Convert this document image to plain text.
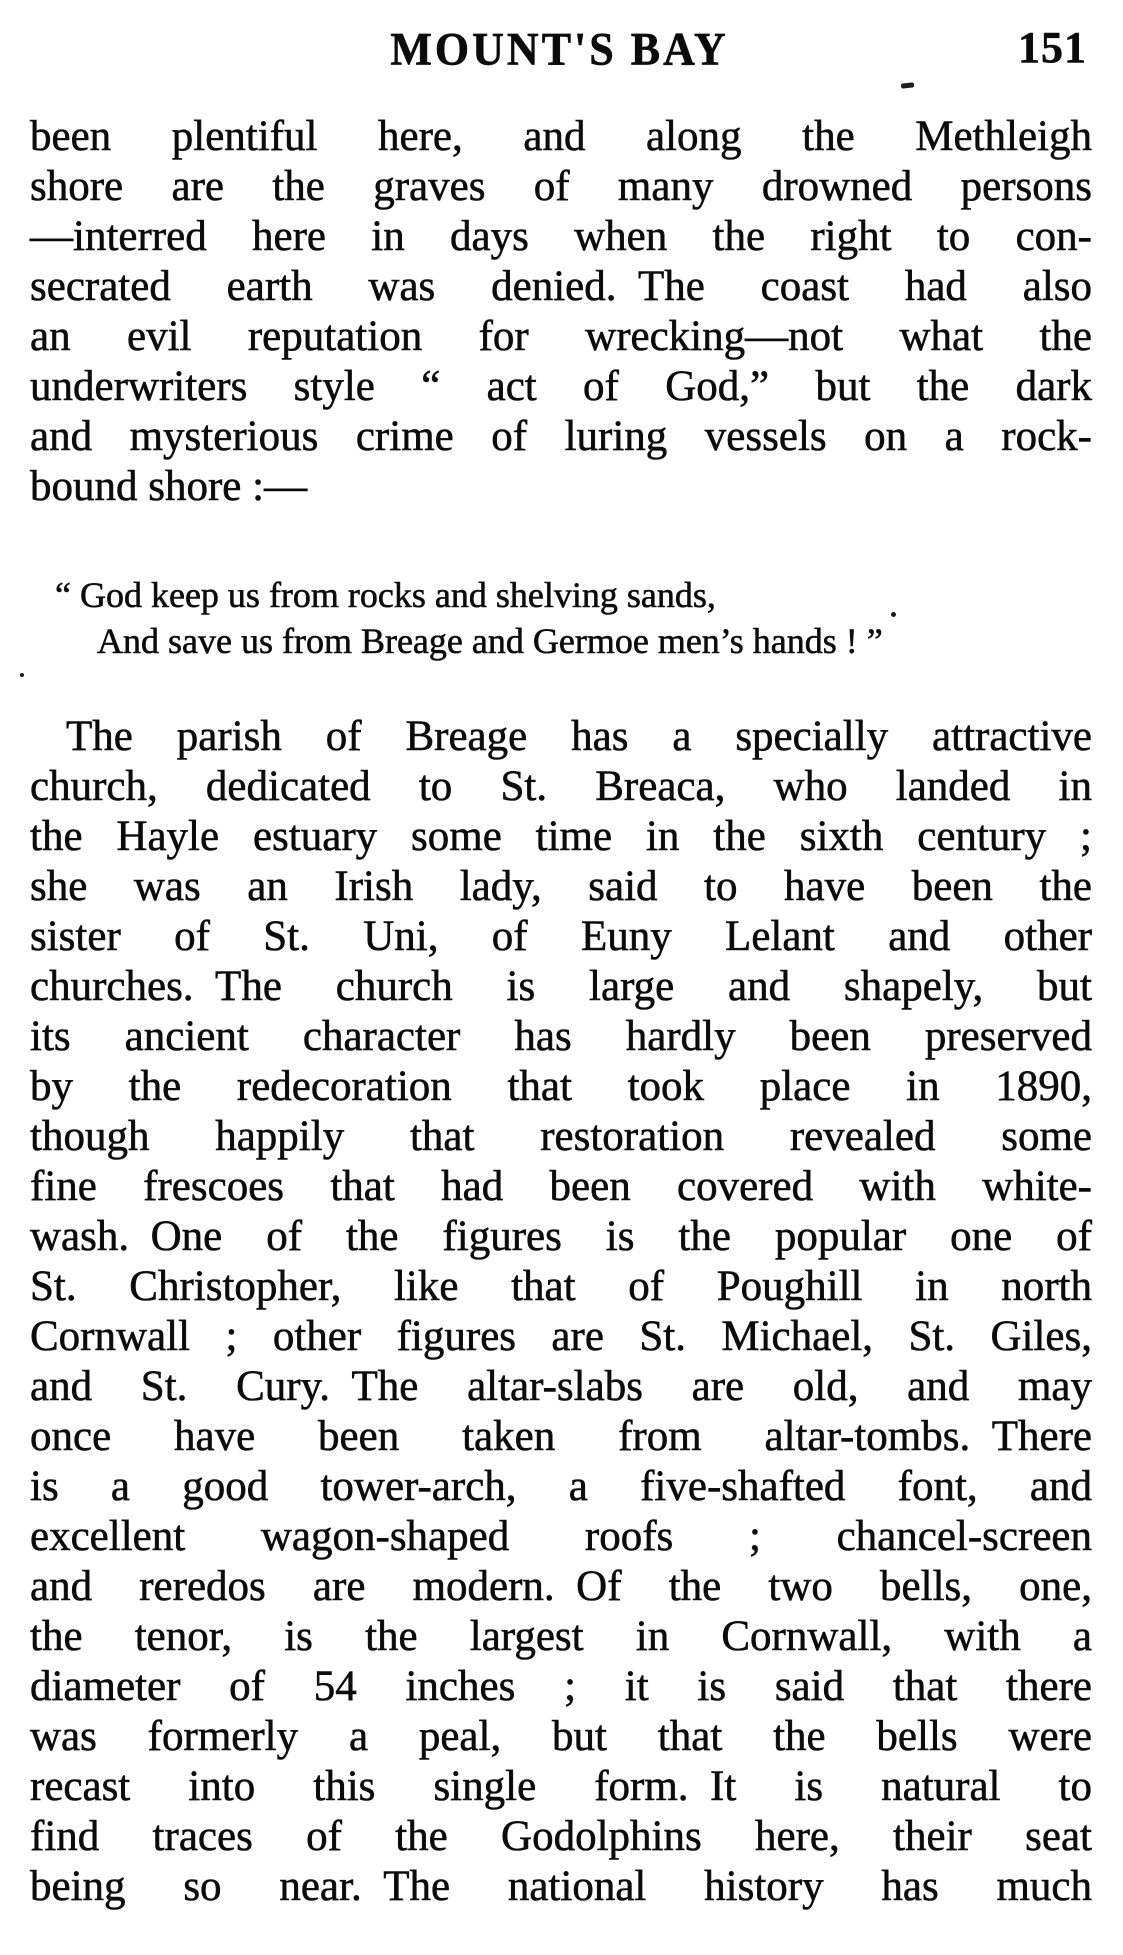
MOUNT'S BAY	151
been plentiful here, and along the Methleigh
shore are the graves of many drowned persons
—interred here in days when the right to con-
secrated earth was denied. The coast had also
an evil reputation for wrecking—not what the
underwriters style “ act of God,” but the dark
and mysterious crime of luring vessels on a rock-
bound shore :—
“ God keep us from rocks and shelving sands,
And save us from Breage and Germoe men’s hands ! ”
The parish of Breage has a specially attractive
church, dedicated to St. Breaca, who landed in
the Hayle estuary some time in the sixth century ;
she was an Irish lady, said to have been the
sister of St. Uni, of Euny Lelant and other
churches. The church is large and shapely, but
its ancient character has hardly been preserved
by the redecoration that took place in 1890,
though happily that restoration revealed some
fine frescoes that had been covered with white-
wash. One of the figures is the popular one of
St. Christopher, like that of Poughill in north
Cornwall ; other figures are St. Michael, St. Giles,
and St. Cury. The altar-slabs are old, and may
once have been taken from altar-tombs. There
is a good tower-arch, a five-shafted font, and
excellent wagon-shaped roofs ; chancel-screen
and reredos are modern. Of the two bells, one,
the tenor, is the largest in Cornwall, with a
diameter of 54 inches ; it is said that there
was formerly a peal, but that the bells were
recast into this single form. It is natural to
find traces of the Godolphins here, their seat
being so near. The national history has much
